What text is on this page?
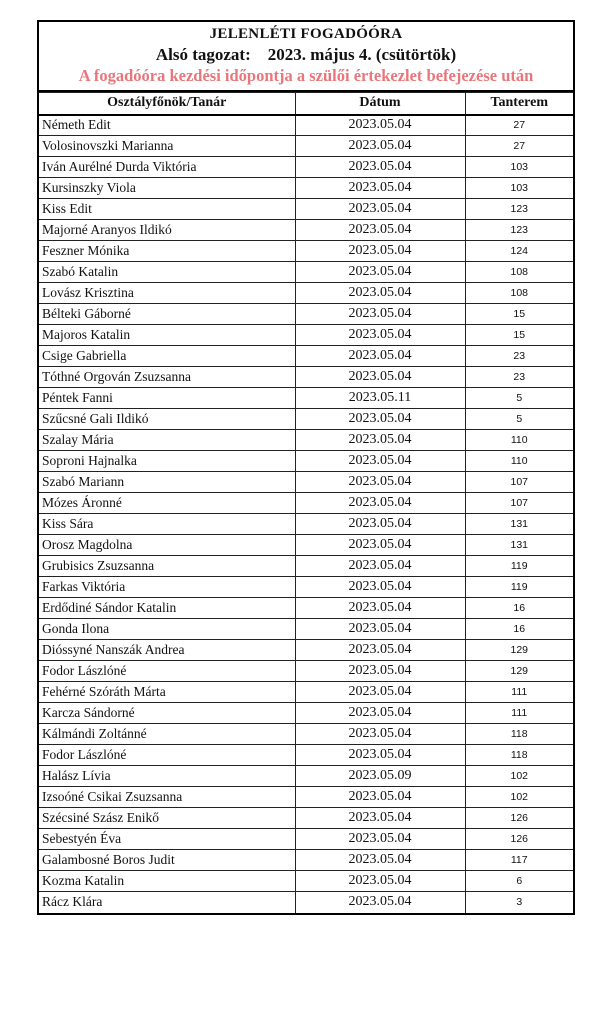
JELENLÉTI FOGADÓÓRA
Alsó tagozat: 2023. május 4. (csütörtök)
A fogadóóra kezdési időpontja a szülői értekezlet befejezése után
Osztályfőnök/Tanár	Dátum	Tanterem
Németh Edit	2023.05.04	27
Volosinovszki Marianna	2023.05.04	27
Iván Aurélné Durda Viktória	2023.05.04	103
Kursinszky Viola	2023.05.04	103
Kiss Edit	2023.05.04	123
Majorné Aranyos Ildikó	2023.05.04	123
Feszner Mónika	2023.05.04	124
Szabó Katalin	2023.05.04	108
Lovász Krisztina	2023.05.04	108
Bélteki Gáborné	2023.05.04	15
Majoros Katalin	2023.05.04	15
Csige Gabriella	2023.05.04	23
Tóthné Orgován Zsuzsanna	2023.05.04	23
Péntek Fanni	2023.05.11	5
Szűcsné Gali Ildikó	2023.05.04	5
Szalay Mária	2023.05.04	110
Soproni Hajnalka	2023.05.04	110
Szabó Mariann	2023.05.04	107
Mózes Áronné	2023.05.04	107
Kiss Sára	2023.05.04	131
Orosz Magdolna	2023.05.04	131
Grubisics Zsuzsanna	2023.05.04	119
Farkas Viktória	2023.05.04	119
Erdődiné Sándor Katalin	2023.05.04	16
Gonda Ilona	2023.05.04	16
Dióssyné Nanszák Andrea	2023.05.04	129
Fodor Lászlóné	2023.05.04	129
Fehérné Szóráth Márta	2023.05.04	111
Karcza Sándorné	2023.05.04	111
Kálmándi Zoltánné	2023.05.04	118
Fodor Lászlóné	2023.05.04	118
Halász Lívia	2023.05.09	102
Izsoóné Csikai Zsuzsanna	2023.05.04	102
Szécsiné Szász Enikő	2023.05.04	126
Sebestyén Éva	2023.05.04	126
Galambosné Boros Judit	2023.05.04	117
Kozma Katalin	2023.05.04	6
Rácz Klára	2023.05.04	3
